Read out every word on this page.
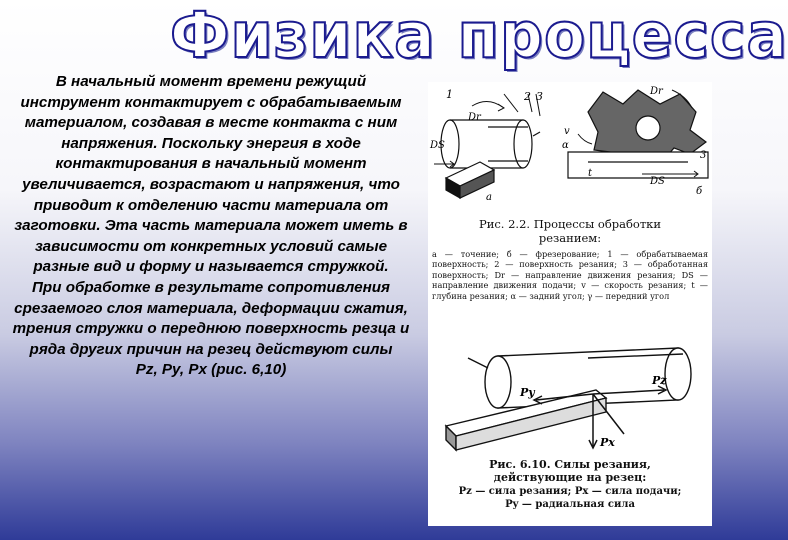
Физика процесса

В начальный момент времени режущий инструмент контактирует с обрабатываемым материалом, создавая в месте контакта с ним напряжения. Поскольку энергия в ходе контактирования в начальный момент увеличивается, возрастают и напряжения, что приводит к отделению части материала от заготовки. Эта часть материала может иметь в зависимости от конкретных условий самые разные вид и форму и называется стружкой.

При обработке в результате сопротивления срезаемого слоя материала, деформации сжатия, трения стружки о переднюю поверхность резца и ряда других причин на резец действуют силы

Pz, Py, Px (рис. 6,10)

1	2 3
Dr
DS
Dr
DS
v
t
a
б
3
α
Рис. 2.2. Процессы обработки
резанием:
а — точение; б — фрезерование; 1 — обрабатываемая поверхность; 2 — поверхность резания; 3 — обработанная поверхность; Dr — направление движения резания; DS — направление движения подачи; v — скорость резания; t — глубина резания; α — задний угол; γ — передний угол
Pz
Py
Px
Рис. 6.10. Силы резания,
действующие на резец:
Pz — сила резания; Px — сила подачи;
Py — радиальная сила
